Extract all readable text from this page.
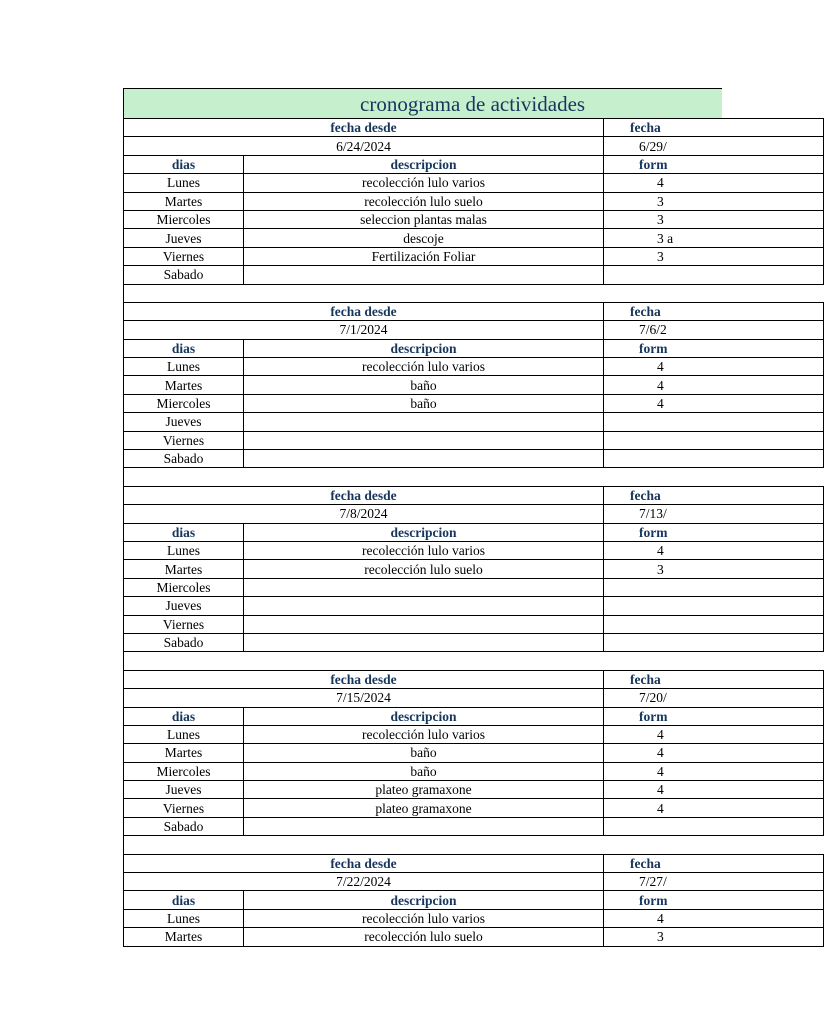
cronograma de actividades
fecha desde		fecha
6/24/2024		6/29/
dias	descripcion	form
Lunes	recolección lulo varios	4
Martes	recolección lulo suelo	3
Miercoles	seleccion plantas malas	3
Jueves	descoje	3 a
Viernes	Fertilización Foliar	3
Sabado		

fecha desde		fecha
7/1/2024		7/6/2
dias	descripcion	form
Lunes	recolección lulo varios	4
Martes	baño	4
Miercoles	baño	4
Jueves		
Viernes		
Sabado		

fecha desde		fecha
7/8/2024		7/13/
dias	descripcion	form
Lunes	recolección lulo varios	4
Martes	recolección lulo suelo	3
Miercoles		
Jueves		
Viernes		
Sabado		

fecha desde		fecha
7/15/2024		7/20/
dias	descripcion	form
Lunes	recolección lulo varios	4
Martes	baño	4
Miercoles	baño	4
Jueves	plateo gramaxone	4
Viernes	plateo gramaxone	4
Sabado		

fecha desde		fecha
7/22/2024		7/27/
dias	descripcion	form
Lunes	recolección lulo varios	4
Martes	recolección lulo suelo	3
